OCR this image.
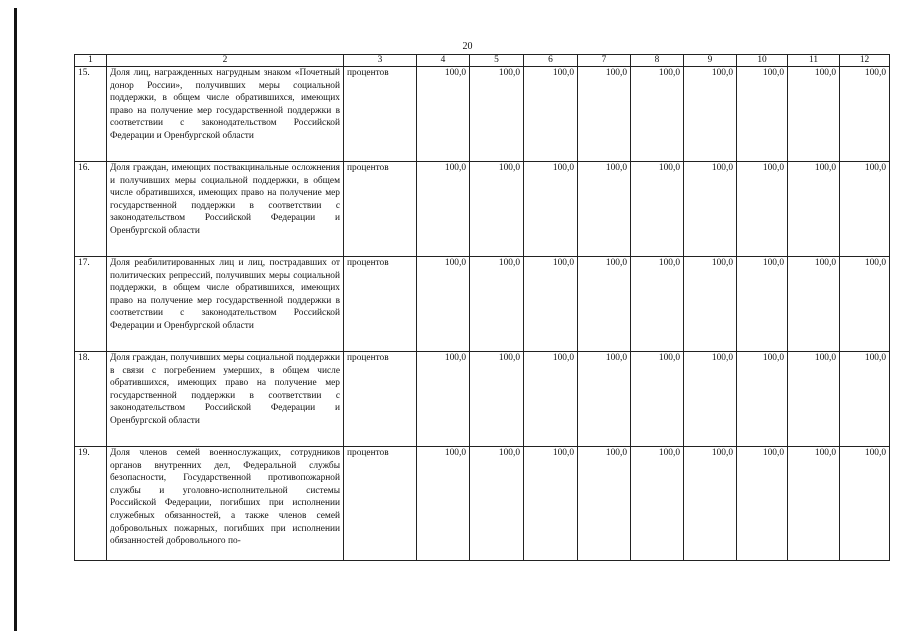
20
1	2	3	4	5	6	7	8	9	10	11	12
15.	Доля лиц, награжденных нагрудным знаком «Почетный донор России», получивших меры социальной поддержки, в общем числе обратившихся, имеющих право на получение мер государственной поддержки в соответствии с законодательством Российской Федерации и Оренбургской области	процентов	100,0	100,0	100,0	100,0	100,0	100,0	100,0	100,0	100,0
16.	Доля граждан, имеющих поствакцинальные осложнения и получивших меры социальной поддержки, в общем числе обратившихся, имеющих право на получение мер государственной поддержки в соответствии с законодательством Российской Федерации и Оренбургской области	процентов	100,0	100,0	100,0	100,0	100,0	100,0	100,0	100,0	100,0
17.	Доля реабилитированных лиц и лиц, пострадавших от политических репрессий, получивших меры социальной поддержки, в общем числе обратившихся, имеющих право на получение мер государственной поддержки в соответствии с законодательством Российской Федерации и Оренбургской области	процентов	100,0	100,0	100,0	100,0	100,0	100,0	100,0	100,0	100,0
18.	Доля граждан, получивших меры социальной поддержки в связи с погребением умерших, в общем числе обратившихся, имеющих право на получение мер государственной поддержки в соответствии с законодательством Российской Федерации и Оренбургской области	процентов	100,0	100,0	100,0	100,0	100,0	100,0	100,0	100,0	100,0
19.	Доля членов семей военнослужащих, сотрудников органов внутренних дел, Федеральной службы безопасности, Государственной противопожарной службы и уголовно-исполнительной системы Российской Федерации, погибших при исполнении служебных обязанностей, а также членов семей добровольных пожарных, погибших при исполнении обязанностей добровольного по-	процентов	100,0	100,0	100,0	100,0	100,0	100,0	100,0	100,0	100,0
